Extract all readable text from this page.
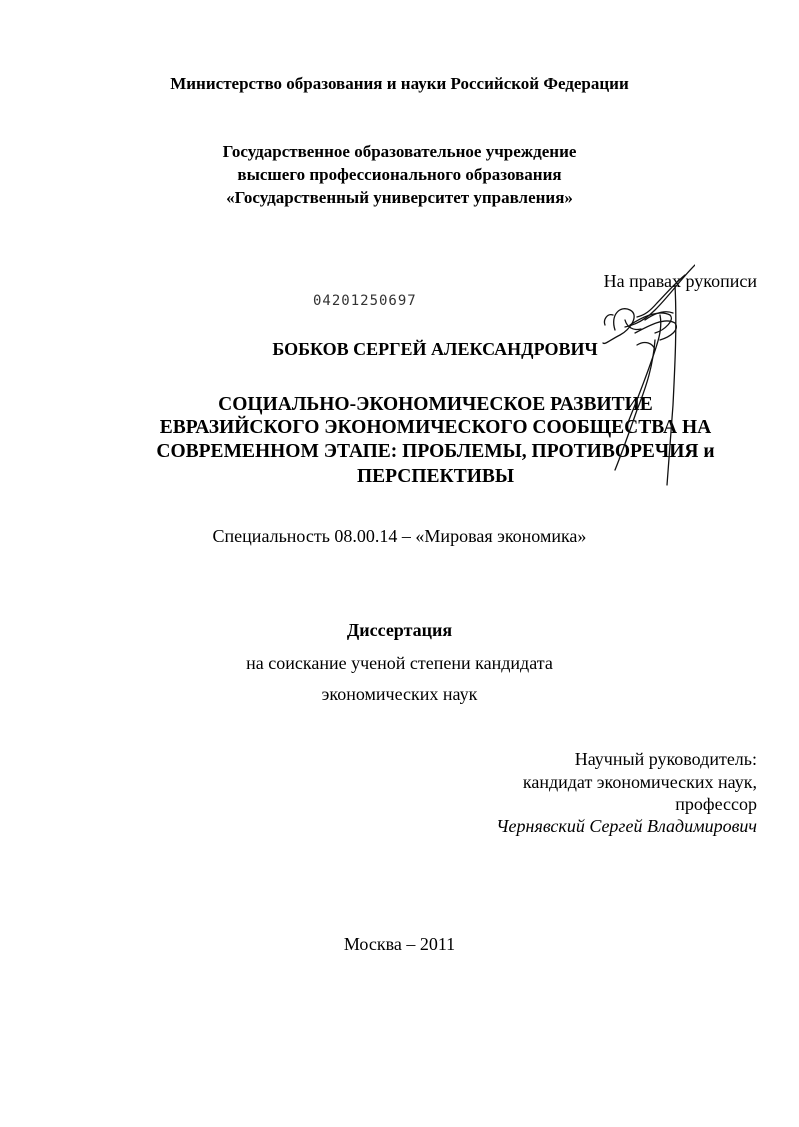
Министерство образования и науки Российской Федерации
Государственное образовательное учреждение
высшего профессионального образования
«Государственный университет управления»
На правах рукописи
04201250697
БОБКОВ СЕРГЕЙ АЛЕКСАНДРОВИЧ
СОЦИАЛЬНО-ЭКОНОМИЧЕСКОЕ РАЗВИТИЕ
ЕВРАЗИЙСКОГО ЭКОНОМИЧЕСКОГО СООБЩЕСТВА НА
СОВРЕМЕННОМ ЭТАПЕ: ПРОБЛЕМЫ, ПРОТИВОРЕЧИЯ и
ПЕРСПЕКТИВЫ
Специальность 08.00.14 – «Мировая экономика»
Диссертация
на соискание ученой степени кандидата
экономических наук
Научный руководитель:
кандидат экономических наук,
профессор
Чернявский Сергей Владимирович
Москва – 2011
